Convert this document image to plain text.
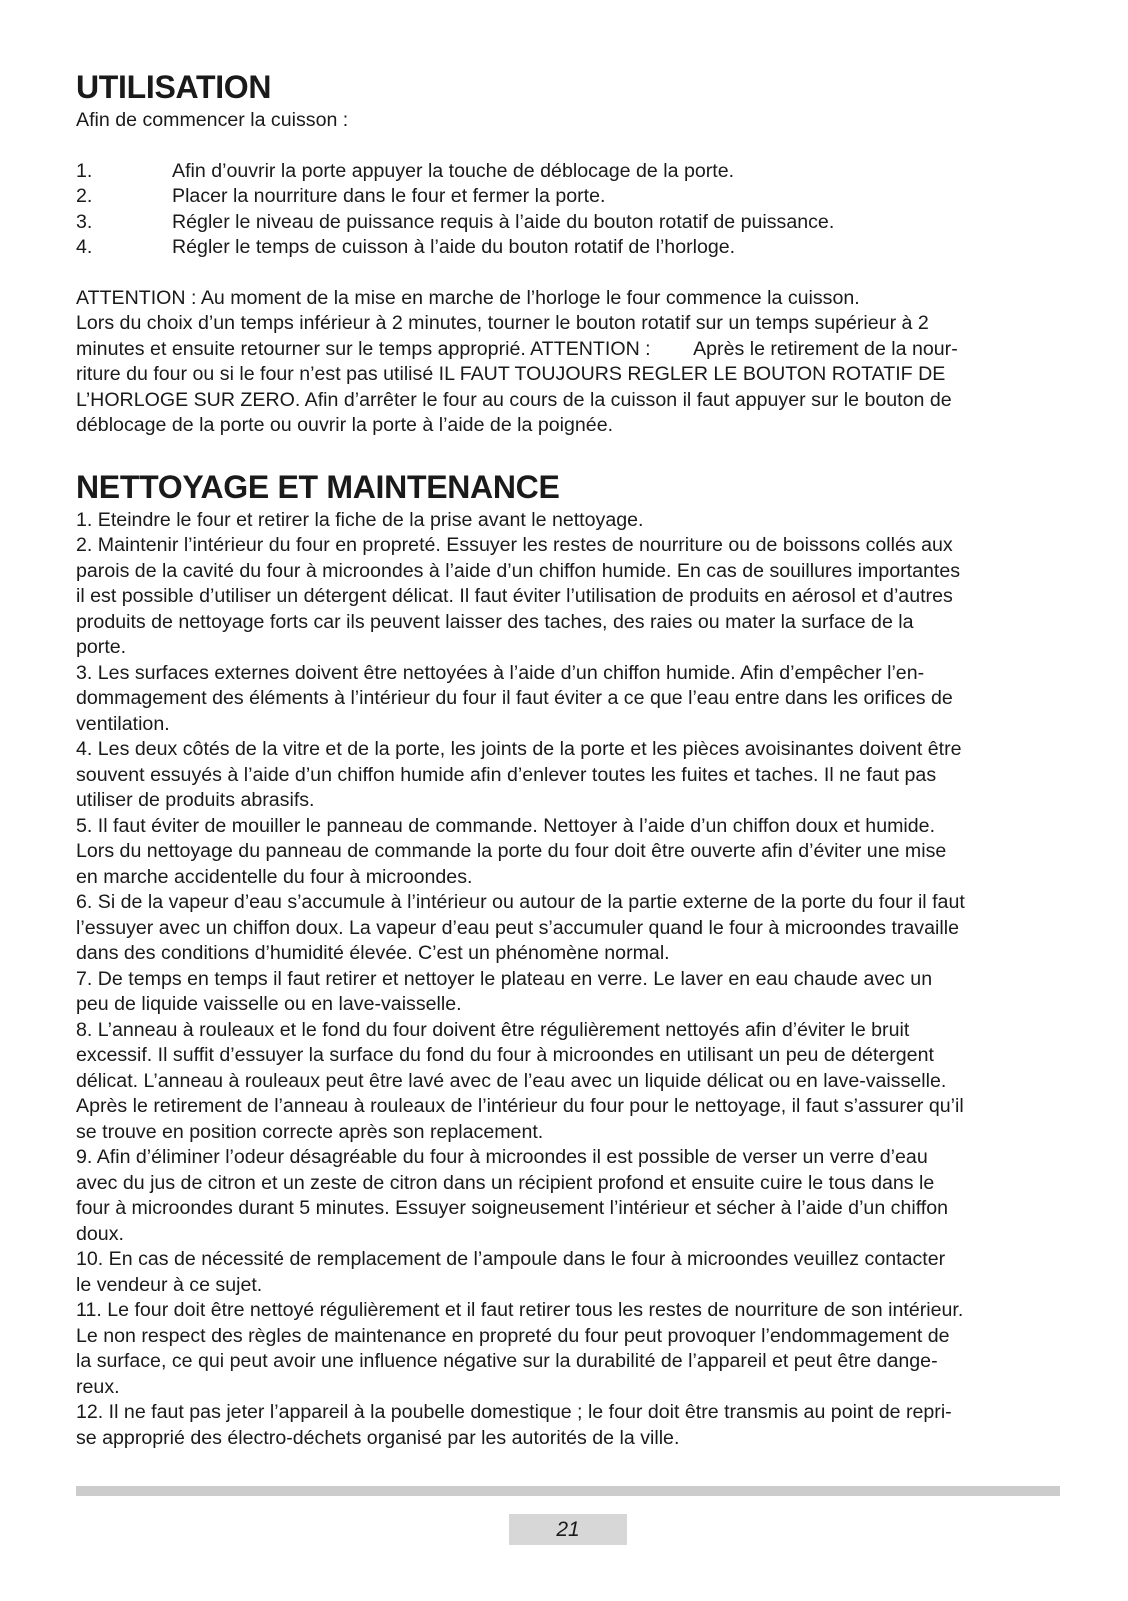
UTILISATION

Afin de commencer la cuisson :

1.	Afin d’ouvrir la porte appuyer la touche de déblocage de la porte.
2.	Placer la nourriture dans le four et fermer la porte.
3.	Régler le niveau de puissance requis à l’aide du bouton rotatif de puissance.
4.	Régler le temps de cuisson à l’aide du bouton rotatif de l’horloge.
ATTENTION : Au moment de la mise en marche de l’horloge le four commence la cuisson.
Lors du choix d’un temps inférieur à 2 minutes, tourner le bouton rotatif sur un temps supérieur à 2
minutes et ensuite retourner sur le temps approprié. ATTENTION :        Après le retirement de la nour-
riture du four ou si le four n’est pas utilisé IL FAUT TOUJOURS REGLER LE BOUTON ROTATIF DE
L’HORLOGE SUR ZERO. Afin d’arrêter le four au cours de la cuisson il faut appuyer sur le bouton de
déblocage de la porte ou ouvrir la porte à l’aide de la poignée.
NETTOYAGE ET MAINTENANCE
1. Eteindre le four et retirer la fiche de la prise avant le nettoyage.
2. Maintenir l’intérieur du four en propreté. Essuyer les restes de nourriture ou de boissons collés aux
parois de la cavité du four à microondes à l’aide d’un chiffon humide. En cas de souillures importantes
il est possible d’utiliser un détergent délicat. Il faut éviter l’utilisation de produits en aérosol et d’autres
produits de nettoyage forts car ils peuvent laisser des taches, des raies ou mater la surface de la
porte.
3. Les surfaces externes doivent être nettoyées à l’aide d’un chiffon humide. Afin d’empêcher l’en-
dommagement des éléments à l’intérieur du four il faut éviter a ce que l’eau entre dans les orifices de
ventilation.
4. Les deux côtés de la vitre et de la porte, les joints de la porte et les pièces avoisinantes doivent être
souvent essuyés à l’aide d’un chiffon humide afin d’enlever toutes les fuites et taches. Il ne faut pas
utiliser de produits abrasifs.
5. Il faut éviter de mouiller le panneau de commande. Nettoyer à l’aide d’un chiffon doux et humide.
Lors du nettoyage du panneau de commande la porte du four doit être ouverte afin d’éviter une mise
en marche accidentelle du four à microondes.
6. Si de la vapeur d’eau s’accumule à l’intérieur ou autour de la partie externe de la porte du four il faut
l’essuyer avec un chiffon doux. La vapeur d’eau peut s’accumuler quand le four à microondes travaille
dans des conditions d’humidité élevée. C’est un phénomène normal.
7. De temps en temps il faut retirer et nettoyer le plateau en verre. Le laver en eau chaude avec un
peu de liquide vaisselle ou en lave-vaisselle.
8. L’anneau à rouleaux et le fond du four doivent être régulièrement nettoyés afin d’éviter le bruit
excessif. Il suffit d’essuyer la surface du fond du four à microondes en utilisant un peu de détergent
délicat. L’anneau à rouleaux peut être lavé avec de l’eau avec un liquide délicat ou en lave-vaisselle.
Après le retirement de l’anneau à rouleaux de l’intérieur du four pour le nettoyage, il faut s’assurer qu’il
se trouve en position correcte après son replacement.
9. Afin d’éliminer l’odeur désagréable du four à microondes il est possible de verser un verre d’eau
avec du jus de citron et un zeste de citron dans un récipient profond et ensuite cuire le tous dans le
four à microondes durant 5 minutes. Essuyer soigneusement l’intérieur et sécher à l’aide d’un chiffon
doux.
10. En cas de nécessité de remplacement de l’ampoule dans le four à microondes veuillez contacter
le vendeur à ce sujet.
11. Le four doit être nettoyé régulièrement et il faut retirer tous les restes de nourriture de son intérieur.
Le non respect des règles de maintenance en propreté du four peut provoquer l’endommagement de
la surface, ce qui peut avoir une influence négative sur la durabilité de l’appareil et peut être dange-
reux.
12. Il ne faut pas jeter l’appareil à la poubelle domestique ; le four doit être transmis au point de repri-
se approprié des électro-déchets organisé par les autorités de la ville.
21
